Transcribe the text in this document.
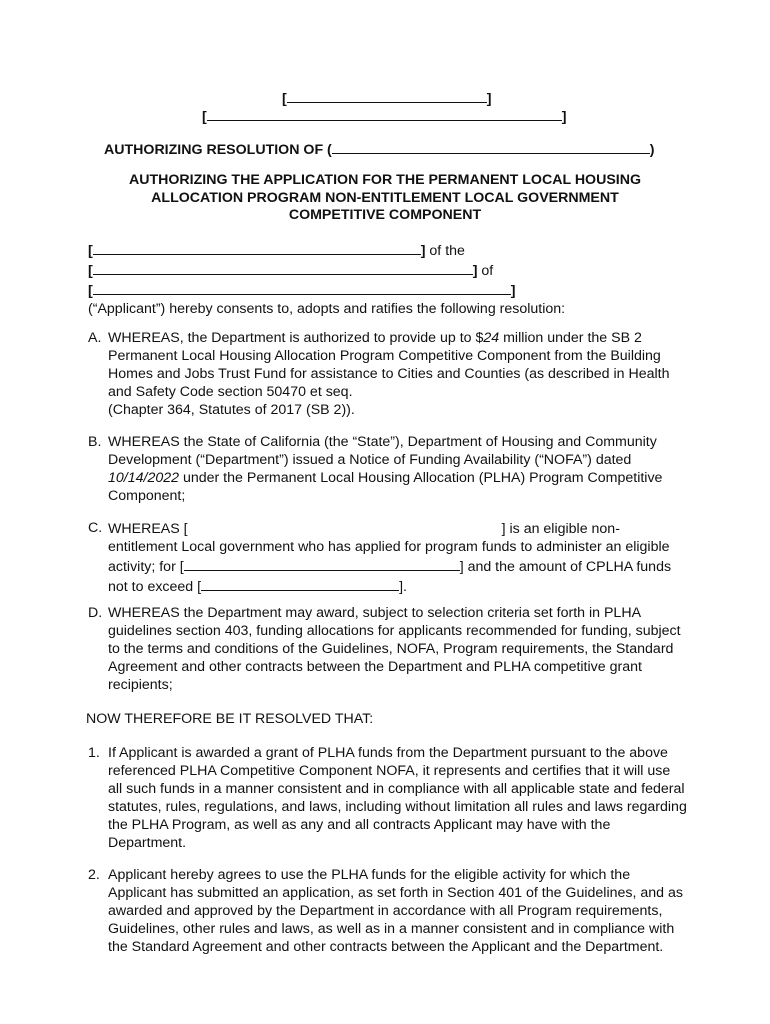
[	]
[	]
AUTHORIZING RESOLUTION OF (	)
AUTHORIZING THE APPLICATION FOR THE PERMANENT LOCAL HOUSING
ALLOCATION PROGRAM NON-ENTITLEMENT LOCAL GOVERNMENT
COMPETITIVE COMPONENT
[	] of the
[	] of
[	]
(“Applicant”) hereby consents to, adopts and ratifies the following resolution:
A. WHEREAS, the Department is authorized to provide up to $24 million under the SB 2 Permanent Local Housing Allocation Program Competitive Component from the Building Homes and Jobs Trust Fund for assistance to Cities and Counties (as described in Health and Safety Code section 50470 et seq.
(Chapter 364, Statutes of 2017 (SB 2)).
B. WHEREAS the State of California (the “State”), Department of Housing and Community Development (“Department”) issued a Notice of Funding Availability (“NOFA”) dated 10/14/2022 under the Permanent Local Housing Allocation (PLHA) Program Competitive Component;
C. WHEREAS [	] is an eligible non-entitlement Local government who has applied for program funds to administer an eligible activity; for [	] and the amount of CPLHA funds not to exceed [	].
D. WHEREAS the Department may award, subject to selection criteria set forth in PLHA guidelines section 403, funding allocations for applicants recommended for funding, subject to the terms and conditions of the Guidelines, NOFA, Program requirements, the Standard Agreement and other contracts between the Department and PLHA competitive grant recipients;
NOW THEREFORE BE IT RESOLVED THAT:
1. If Applicant is awarded a grant of PLHA funds from the Department pursuant to the above referenced PLHA Competitive Component NOFA, it represents and certifies that it will use all such funds in a manner consistent and in compliance with all applicable state and federal statutes, rules, regulations, and laws, including without limitation all rules and laws regarding the PLHA Program, as well as any and all contracts Applicant may have with the Department.
2. Applicant hereby agrees to use the PLHA funds for the eligible activity for which the Applicant has submitted an application, as set forth in Section 401 of the Guidelines, and as awarded and approved by the Department in accordance with all Program requirements, Guidelines, other rules and laws, as well as in a manner consistent and in compliance with the Standard Agreement and other contracts between the Applicant and the Department.
